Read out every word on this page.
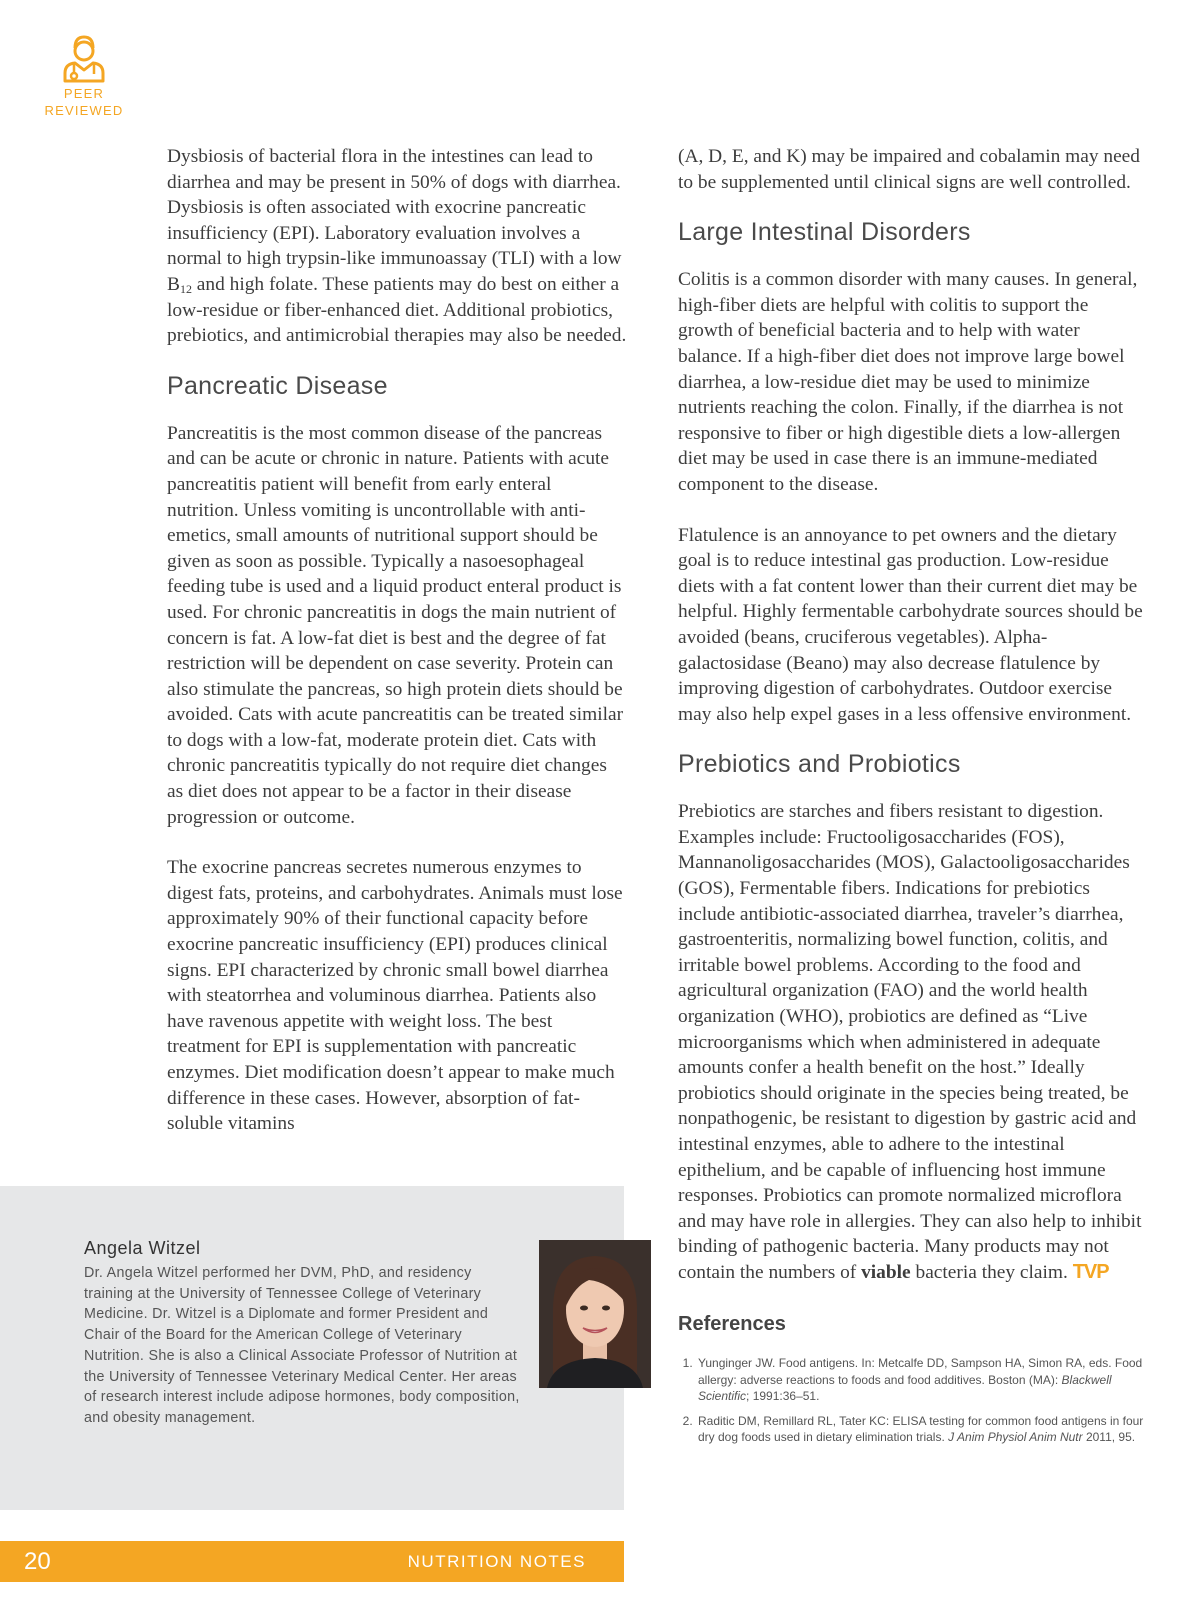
PEER
REVIEWED

Dysbiosis of bacterial flora in the intestines can lead to diarrhea and may be present in 50% of dogs with diarrhea. Dysbiosis is often associated with exocrine pancreatic insufficiency (EPI). Laboratory evaluation involves a normal to high trypsin-like immunoassay (TLI) with a low $B_{12}$ and high folate. These patients may do best on either a low-residue or fiber-enhanced diet. Additional probiotics, prebiotics, and antimicrobial therapies may also be needed.

Pancreatic Disease

Pancreatitis is the most common disease of the pancreas and can be acute or chronic in nature. Patients with acute pancreatitis patient will benefit from early enteral nutrition. Unless vomiting is uncontrollable with anti-emetics, small amounts of nutritional support should be given as soon as possible. Typically a nasoesophageal feeding tube is used and a liquid product enteral product is used. For chronic pancreatitis in dogs the main nutrient of concern is fat. A low-fat diet is best and the degree of fat restriction will be dependent on case severity. Protein can also stimulate the pancreas, so high protein diets should be avoided. Cats with acute pancreatitis can be treated similar to dogs with a low-fat, moderate protein diet. Cats with chronic pancreatitis typically do not require diet changes as diet does not appear to be a factor in their disease progression or outcome.

The exocrine pancreas secretes numerous enzymes to digest fats, proteins, and carbohydrates. Animals must lose approximately 90% of their functional capacity before exocrine pancreatic insufficiency (EPI) produces clinical signs. EPI characterized by chronic small bowel diarrhea with steatorrhea and voluminous diarrhea. Patients also have ravenous appetite with weight loss. The best treatment for EPI is supplementation with pancreatic enzymes. Diet modification doesn’t appear to make much difference in these cases. However, absorption of fat-soluble vitamins

(A, D, E, and K) may be impaired and cobalamin may need to be supplemented until clinical signs are well controlled.

Large Intestinal Disorders

Colitis is a common disorder with many causes. In general, high-fiber diets are helpful with colitis to support the growth of beneficial bacteria and to help with water balance. If a high-fiber diet does not improve large bowel diarrhea, a low-residue diet may be used to minimize nutrients reaching the colon. Finally, if the diarrhea is not responsive to fiber or high digestible diets a low-allergen diet may be used in case there is an immune-mediated component to the disease.

Flatulence is an annoyance to pet owners and the dietary goal is to reduce intestinal gas production. Low-residue diets with a fat content lower than their current diet may be helpful. Highly fermentable carbohydrate sources should be avoided (beans, cruciferous vegetables). Alpha-galactosidase (Beano) may also decrease flatulence by improving digestion of carbohydrates. Outdoor exercise may also help expel gases in a less offensive environment.

Prebiotics and Probiotics

Prebiotics are starches and fibers resistant to digestion. Examples include: Fructooligosaccharides (FOS), Mannanoligosaccharides (MOS), Galactooligosaccharides (GOS), Fermentable fibers. Indications for prebiotics include antibiotic-associated diarrhea, traveler’s diarrhea, gastroenteritis, normalizing bowel function, colitis, and irritable bowel problems. According to the food and agricultural organization (FAO) and the world health organization (WHO), probiotics are defined as “Live microorganisms which when administered in adequate amounts confer a health benefit on the host.” Ideally probiotics should originate in the species being treated, be nonpathogenic, be resistant to digestion by gastric acid and intestinal enzymes, able to adhere to the intestinal epithelium, and be capable of influencing host immune responses. Probiotics can promote normalized microflora and may have role in allergies. They can also help to inhibit binding of pathogenic bacteria. Many products may not contain the numbers of viable bacteria they claim. TVP

References
1. Yunginger JW. Food antigens. In: Metcalfe DD, Sampson HA, Simon RA, eds. Food allergy: adverse reactions to foods and food additives. Boston (MA): Blackwell Scientific; 1991:36–51.
2. Raditic DM, Remillard RL, Tater KC: ELISA testing for common food antigens in four dry dog foods used in dietary elimination trials. J Anim Physiol Anim Nutr 2011, 95.
Angela Witzel

Dr. Angela Witzel performed her DVM, PhD, and residency training at the University of Tennessee College of Veterinary Medicine. Dr. Witzel is a Diplomate and former President and Chair of the Board for the American College of Veterinary Nutrition. She is also a Clinical Associate Professor of Nutrition at the University of Tennessee Veterinary Medical Center. Her areas of research interest include adipose hormones, body composition, and obesity management.

20	NUTRITION NOTES
